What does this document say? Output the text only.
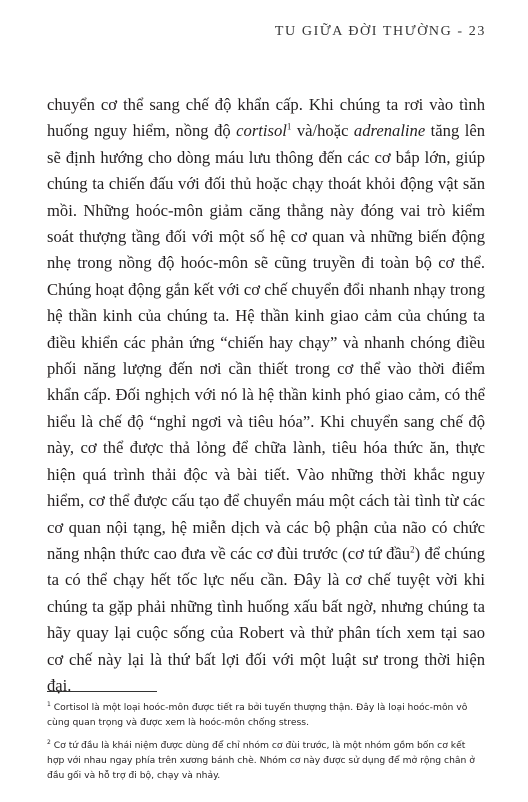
TU GIỮA ĐỜI THƯỜNG - 23

chuyển cơ thể sang chế độ khẩn cấp. Khi chúng ta rơi vào tình huống nguy hiểm, nồng độ cortisol$^1$ và/hoặc adrenaline tăng lên sẽ định hướng cho dòng máu lưu thông đến các cơ bắp lớn, giúp chúng ta chiến đấu với đối thủ hoặc chạy thoát khỏi động vật săn mồi. Những hoóc-môn giảm căng thẳng này đóng vai trò kiểm soát thượng tầng đối với một số hệ cơ quan và những biến động nhẹ trong nồng độ hoóc-môn sẽ cũng truyền đi toàn bộ cơ thể. Chúng hoạt động gắn kết với cơ chế chuyển đổi nhanh nhạy trong hệ thần kinh của chúng ta. Hệ thần kinh giao cảm của chúng ta điều khiển các phản ứng “chiến hay chạy” và nhanh chóng điều phối năng lượng đến nơi cần thiết trong cơ thể vào thời điểm khẩn cấp. Đối nghịch với nó là hệ thần kinh phó giao cảm, có thể hiểu là chế độ “nghỉ ngơi và tiêu hóa”. Khi chuyển sang chế độ này, cơ thể được thả lỏng để chữa lành, tiêu hóa thức ăn, thực hiện quá trình thải độc và bài tiết. Vào những thời khắc nguy hiểm, cơ thể được cấu tạo để chuyển máu một cách tài tình từ các cơ quan nội tạng, hệ miễn dịch và các bộ phận của não có chức năng nhận thức cao đưa về các cơ đùi trước (cơ tứ đầu$^2$) để chúng ta có thể chạy hết tốc lực nếu cần. Đây là cơ chế tuyệt vời khi chúng ta gặp phải những tình huống xấu bất ngờ, nhưng chúng ta hãy quay lại cuộc sống của Robert và thử phân tích xem tại sao cơ chế này lại là thứ bất lợi đối với một luật sư trong thời hiện đại.

$^1$ Cortisol là một loại hoóc-môn được tiết ra bởi tuyến thượng thận. Đây là loại hoóc-môn vô cùng quan trọng và được xem là hoóc-môn chống stress.

$^2$ Cơ tứ đầu là khái niệm được dùng để chỉ nhóm cơ đùi trước, là một nhóm gồm bốn cơ kết hợp với nhau ngay phía trên xương bánh chè. Nhóm cơ này được sử dụng để mở rộng chân ở đầu gối và hỗ trợ đi bộ, chạy và nhảy.
